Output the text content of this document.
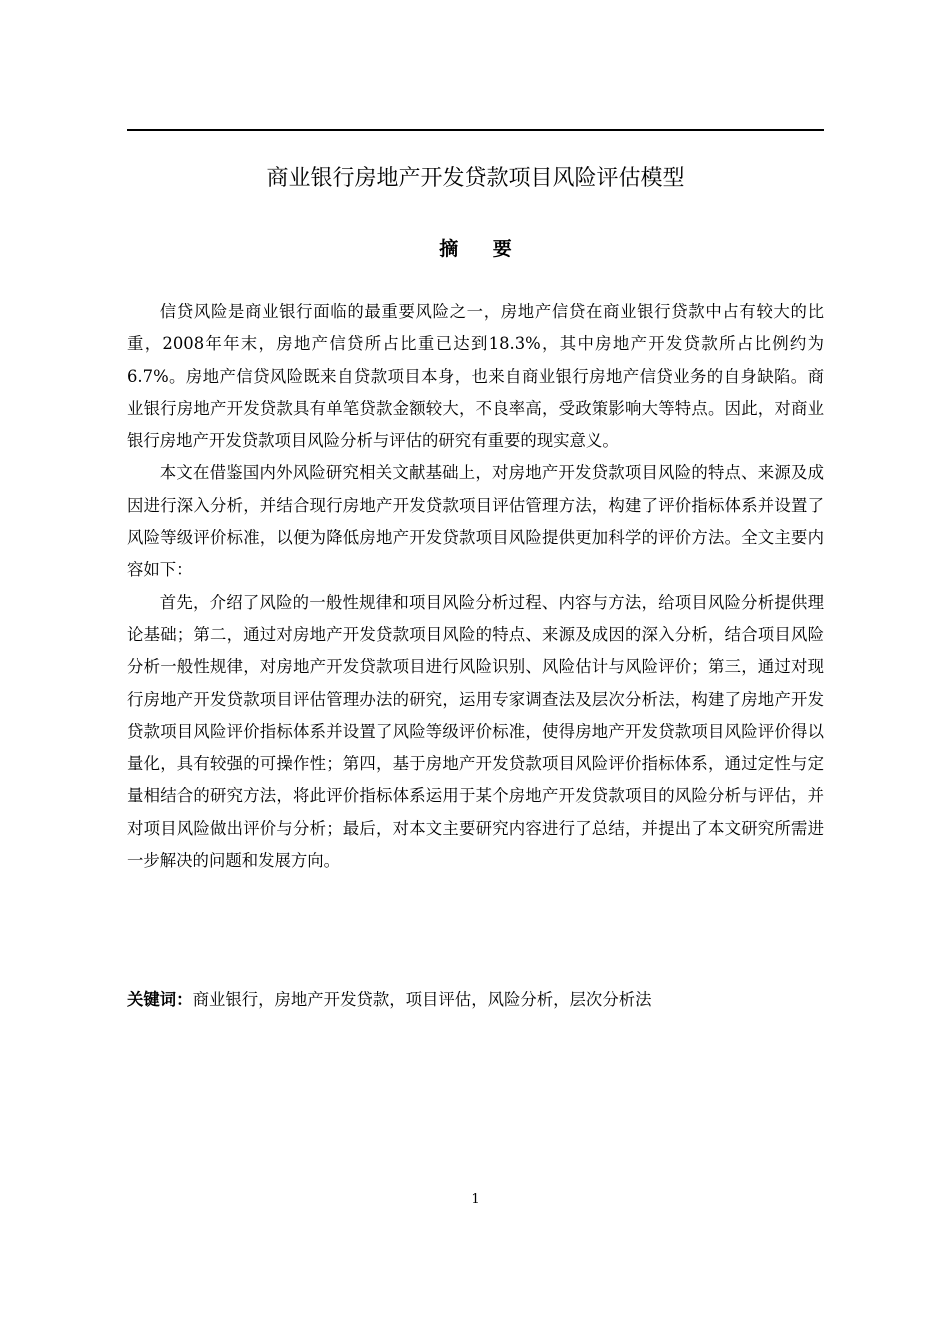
商业银行房地产开发贷款项目风险评估模型
摘 要

信贷风险是商业银行面临的最重要风险之一，房地产信贷在商业银行贷款中占有较大的比重，2008年年末，房地产信贷所占比重已达到18.3%，其中房地产开发贷款所占比例约为6.7%。房地产信贷风险既来自贷款项目本身，也来自商业银行房地产信贷业务的自身缺陷。商业银行房地产开发贷款具有单笔贷款金额较大，不良率高，受政策影响大等特点。因此，对商业银行房地产开发贷款项目风险分析与评估的研究有重要的现实意义。

本文在借鉴国内外风险研究相关文献基础上，对房地产开发贷款项目风险的特点、来源及成因进行深入分析，并结合现行房地产开发贷款项目评估管理方法，构建了评价指标体系并设置了风险等级评价标准，以便为降低房地产开发贷款项目风险提供更加科学的评价方法。全文主要内容如下：

首先，介绍了风险的一般性规律和项目风险分析过程、内容与方法，给项目风险分析提供理论基础；第二，通过对房地产开发贷款项目风险的特点、来源及成因的深入分析，结合项目风险分析一般性规律，对房地产开发贷款项目进行风险识别、风险估计与风险评价；第三，通过对现行房地产开发贷款项目评估管理办法的研究，运用专家调查法及层次分析法，构建了房地产开发贷款项目风险评价指标体系并设置了风险等级评价标准，使得房地产开发贷款项目风险评价得以量化，具有较强的可操作性；第四，基于房地产开发贷款项目风险评价指标体系，通过定性与定量相结合的研究方法，将此评价指标体系运用于某个房地产开发贷款项目的风险分析与评估，并对项目风险做出评价与分析；最后，对本文主要研究内容进行了总结，并提出了本文研究所需进一步解决的问题和发展方向。

关键词：商业银行，房地产开发贷款，项目评估，风险分析，层次分析法

1
